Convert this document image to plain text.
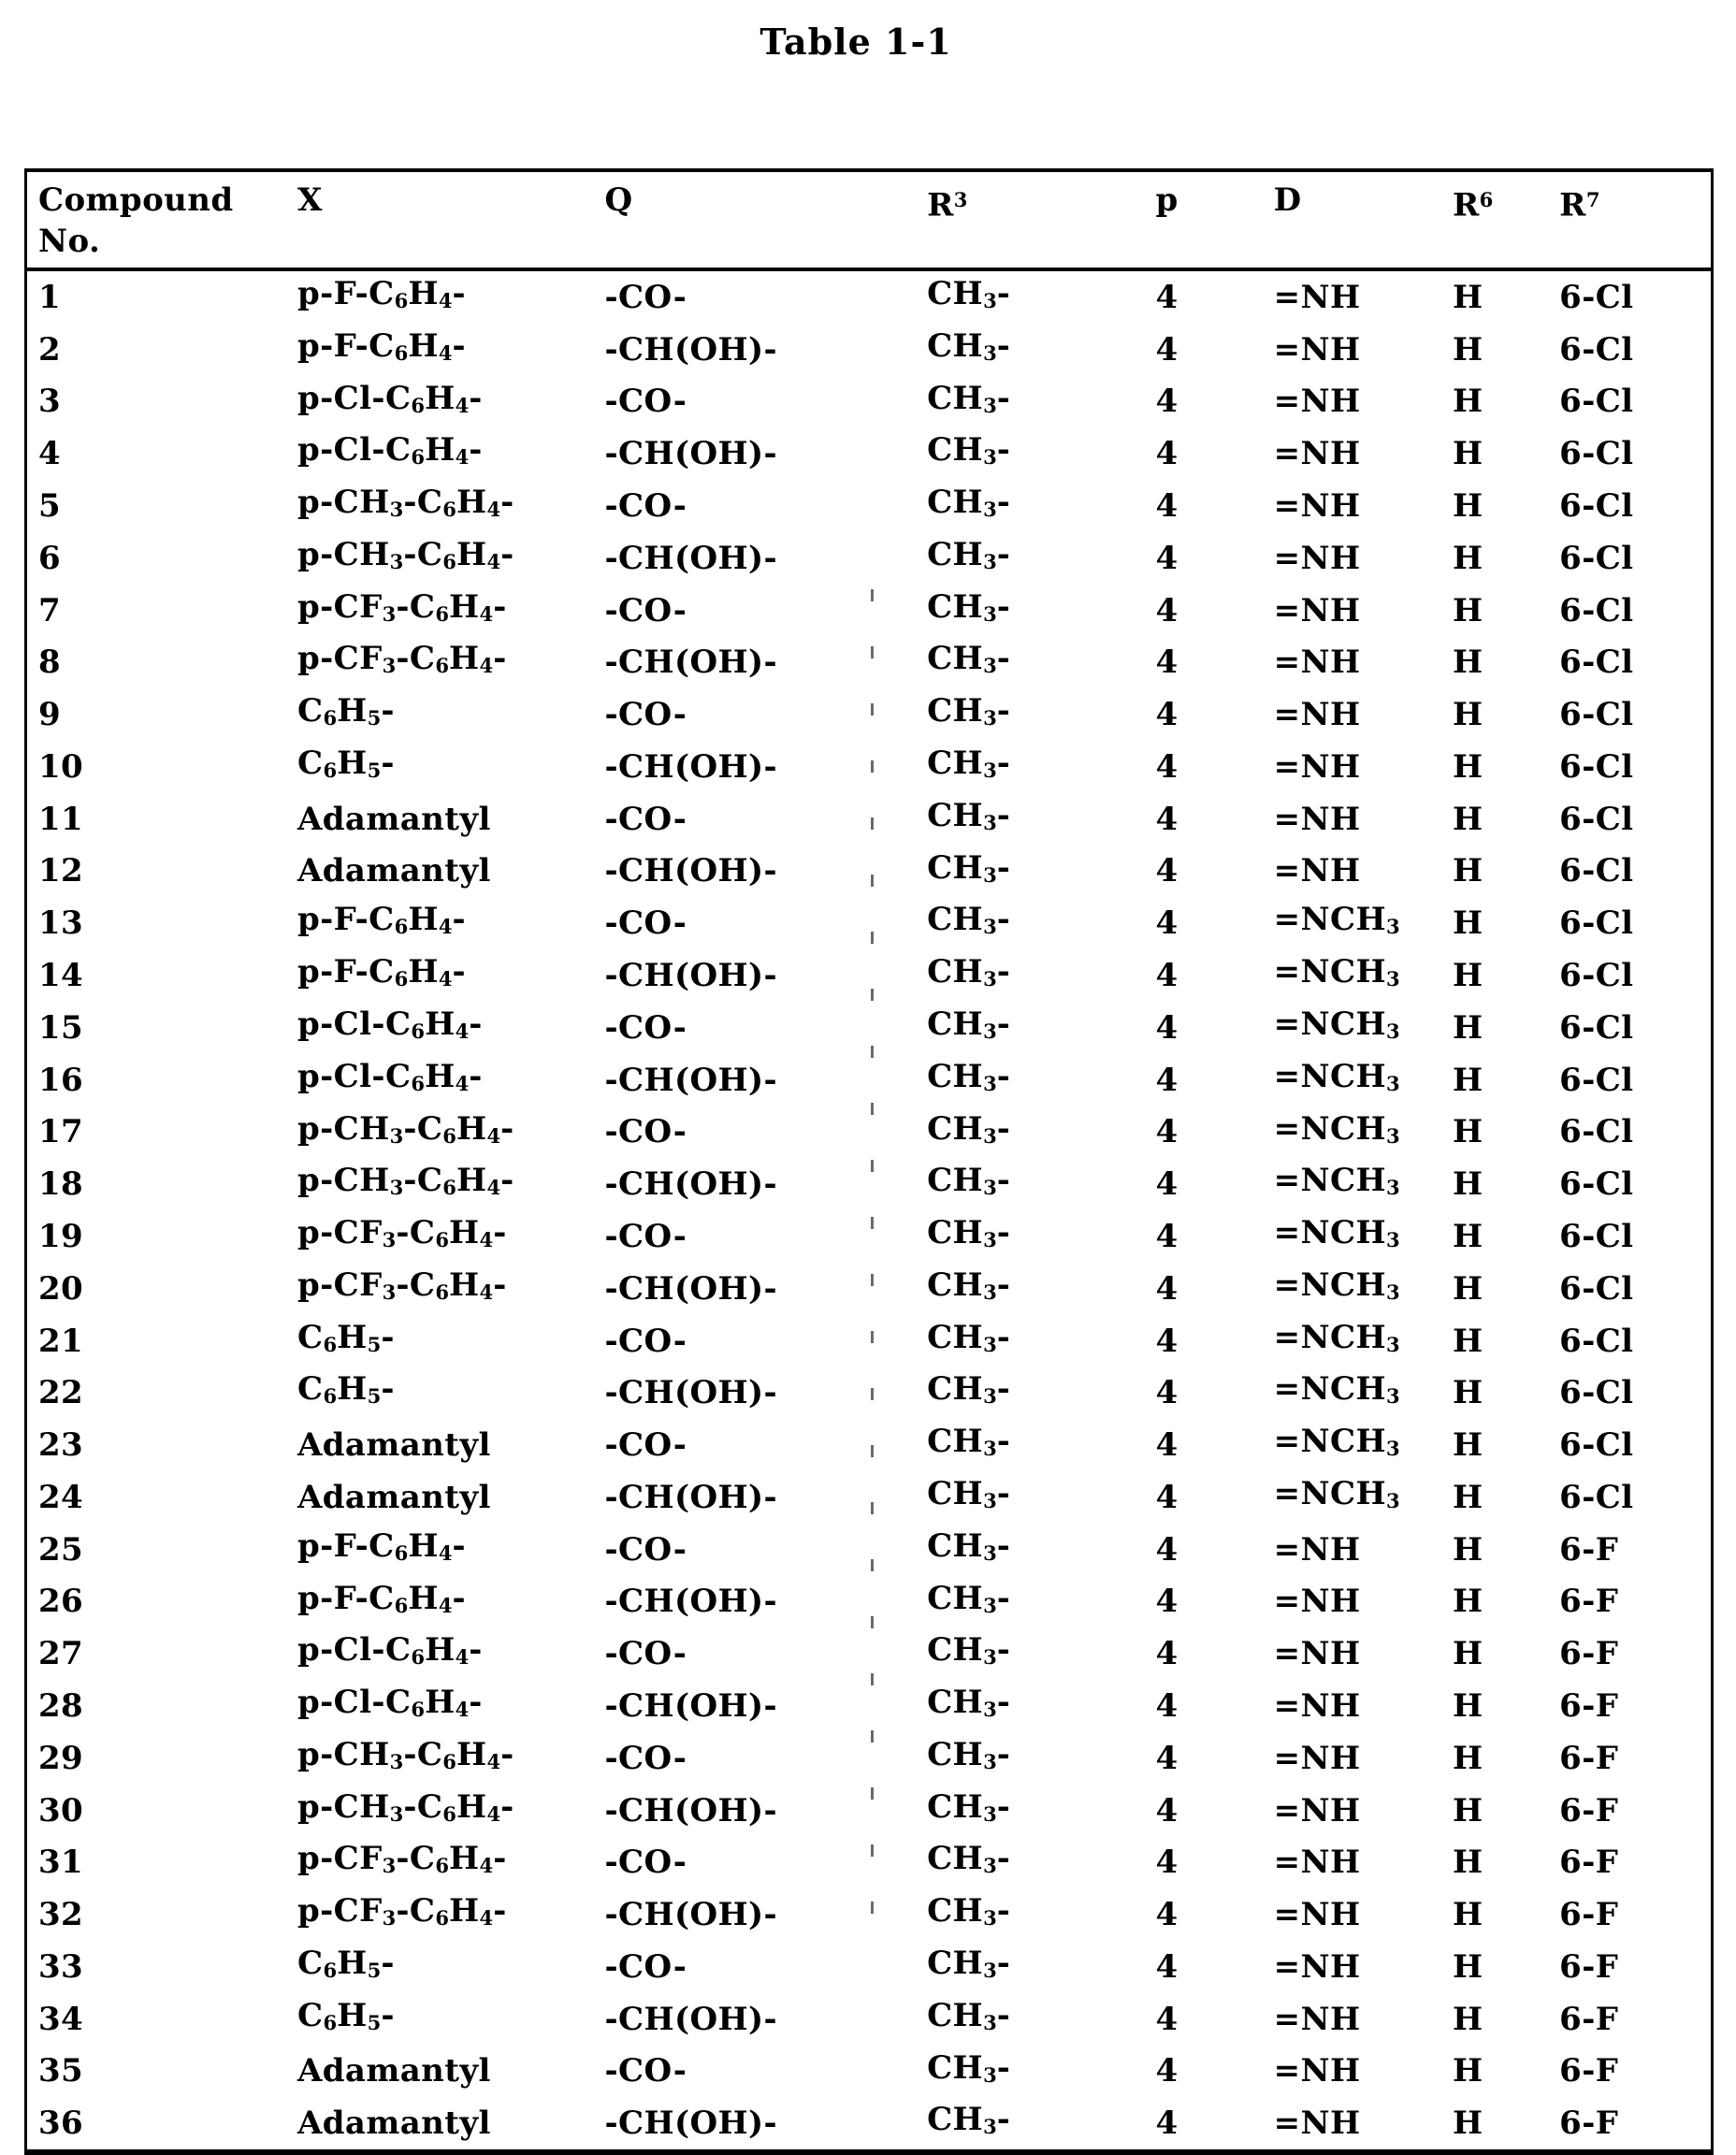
Table 1-1
Compound
No.	X	Q	$R^3$	p	D	$R^6$	$R^7$
1	$p-F-C_6H_4-$	-CO-	$CH_3-$	4	=NH	H	6-Cl
2	$p-F-C_6H_4-$	-CH(OH)-	$CH_3-$	4	=NH	H	6-Cl
3	$p-Cl-C_6H_4-$	-CO-	$CH_3-$	4	=NH	H	6-Cl
4	$p-Cl-C_6H_4-$	-CH(OH)-	$CH_3-$	4	=NH	H	6-Cl
5	$p-CH_3-C_6H_4-$	-CO-	$CH_3-$	4	=NH	H	6-Cl
6	$p-CH_3-C_6H_4-$	-CH(OH)-	$CH_3-$	4	=NH	H	6-Cl
7	$p-CF_3-C_6H_4-$	-CO-	$CH_3-$	4	=NH	H	6-Cl
8	$p-CF_3-C_6H_4-$	-CH(OH)-	$CH_3-$	4	=NH	H	6-Cl
9	$C_6H_5-$	-CO-	$CH_3-$	4	=NH	H	6-Cl
10	$C_6H_5-$	-CH(OH)-	$CH_3-$	4	=NH	H	6-Cl
11	Adamantyl	-CO-	$CH_3-$	4	=NH	H	6-Cl
12	Adamantyl	-CH(OH)-	$CH_3-$	4	=NH	H	6-Cl
13	$p-F-C_6H_4-$	-CO-	$CH_3-$	4	$=NCH_3$	H	6-Cl
14	$p-F-C_6H_4-$	-CH(OH)-	$CH_3-$	4	$=NCH_3$	H	6-Cl
15	$p-Cl-C_6H_4-$	-CO-	$CH_3-$	4	$=NCH_3$	H	6-Cl
16	$p-Cl-C_6H_4-$	-CH(OH)-	$CH_3-$	4	$=NCH_3$	H	6-Cl
17	$p-CH_3-C_6H_4-$	-CO-	$CH_3-$	4	$=NCH_3$	H	6-Cl
18	$p-CH_3-C_6H_4-$	-CH(OH)-	$CH_3-$	4	$=NCH_3$	H	6-Cl
19	$p-CF_3-C_6H_4-$	-CO-	$CH_3-$	4	$=NCH_3$	H	6-Cl
20	$p-CF_3-C_6H_4-$	-CH(OH)-	$CH_3-$	4	$=NCH_3$	H	6-Cl
21	$C_6H_5-$	-CO-	$CH_3-$	4	$=NCH_3$	H	6-Cl
22	$C_6H_5-$	-CH(OH)-	$CH_3-$	4	$=NCH_3$	H	6-Cl
23	Adamantyl	-CO-	$CH_3-$	4	$=NCH_3$	H	6-Cl
24	Adamantyl	-CH(OH)-	$CH_3-$	4	$=NCH_3$	H	6-Cl
25	$p-F-C_6H_4-$	-CO-	$CH_3-$	4	=NH	H	6-F
26	$p-F-C_6H_4-$	-CH(OH)-	$CH_3-$	4	=NH	H	6-F
27	$p-Cl-C_6H_4-$	-CO-	$CH_3-$	4	=NH	H	6-F
28	$p-Cl-C_6H_4-$	-CH(OH)-	$CH_3-$	4	=NH	H	6-F
29	$p-CH_3-C_6H_4-$	-CO-	$CH_3-$	4	=NH	H	6-F
30	$p-CH_3-C_6H_4-$	-CH(OH)-	$CH_3-$	4	=NH	H	6-F
31	$p-CF_3-C_6H_4-$	-CO-	$CH_3-$	4	=NH	H	6-F
32	$p-CF_3-C_6H_4-$	-CH(OH)-	$CH_3-$	4	=NH	H	6-F
33	$C_6H_5-$	-CO-	$CH_3-$	4	=NH	H	6-F
34	$C_6H_5-$	-CH(OH)-	$CH_3-$	4	=NH	H	6-F
35	Adamantyl	-CO-	$CH_3-$	4	=NH	H	6-F
36	Adamantyl	-CH(OH)-	$CH_3-$	4	=NH	H	6-F
